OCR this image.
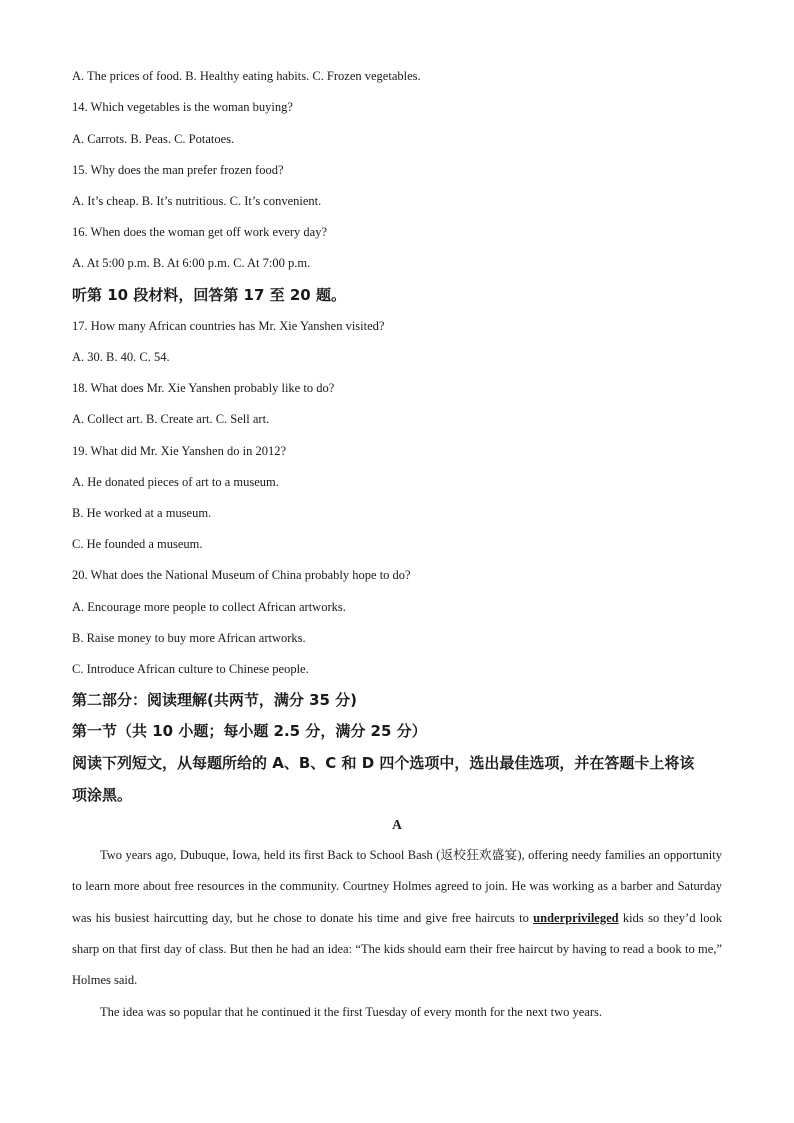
A. The prices of food. B. Healthy eating habits. C. Frozen vegetables.
14. Which vegetables is the woman buying?
A. Carrots. B. Peas. C. Potatoes.
15. Why does the man prefer frozen food?
A. It’s cheap. B. It’s nutritious. C. It’s convenient.
16. When does the woman get off work every day?
A. At 5:00 p.m. B. At 6:00 p.m. C. At 7:00 p.m.
听第 10 段材料，回答第 17 至 20 题。
17. How many African countries has Mr. Xie Yanshen visited?
A. 30. B. 40. C. 54.
18. What does Mr. Xie Yanshen probably like to do?
A. Collect art. B. Create art. C. Sell art.
19. What did Mr. Xie Yanshen do in 2012?
A. He donated pieces of art to a museum.
B. He worked at a museum.
C. He founded a museum.
20. What does the National Museum of China probably hope to do?
A. Encourage more people to collect African artworks.
B. Raise money to buy more African artworks.
C. Introduce African culture to Chinese people.
第二部分：阅读理解(共两节，满分 35 分)
第一节（共 10 小题；每小题 2.5 分，满分 25 分）
阅读下列短文，从每题所给的 A、B、C 和 D 四个选项中，选出最佳选项，并在答题卡上将该
项涂黑。
A
Two years ago, Dubuque, Iowa, held its first Back to School Bash (返校狂欢盛宴), offering needy families an opportunity to learn more about free resources in the community. Courtney Holmes agreed to join. He was working as a barber and Saturday was his busiest haircutting day, but he chose to donate his time and give free haircuts to underprivileged kids so they’d look sharp on that first day of class. But then he had an idea: “The kids should earn their free haircut by having to read a book to me,” Holmes said.
The idea was so popular that he continued it the first Tuesday of every month for the next two years.
